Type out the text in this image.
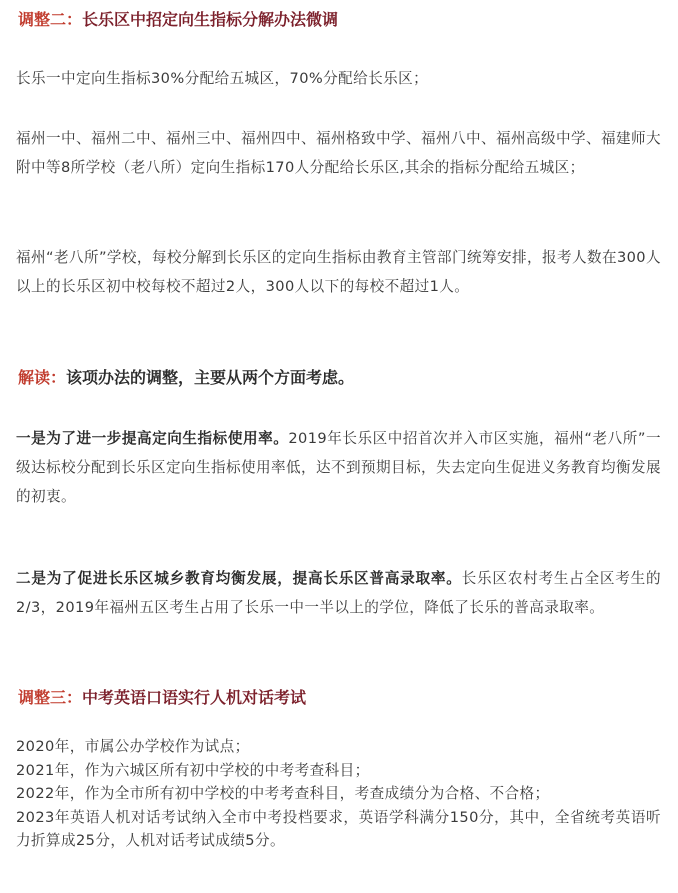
调整二：长乐区中招定向生指标分解办法微调
长乐一中定向生指标30%分配给五城区，70%分配给长乐区；
福州一中、福州二中、福州三中、福州四中、福州格致中学、福州八中、福州高级中学、福建师大附中等8所学校（老八所）定向生指标170人分配给长乐区,其余的指标分配给五城区；
福州“老八所”学校，每校分解到长乐区的定向生指标由教育主管部门统筹安排，报考人数在300人以上的长乐区初中校每校不超过2人，300人以下的每校不超过1人。
解读：该项办法的调整，主要从两个方面考虑。
一是为了进一步提高定向生指标使用率。2019年长乐区中招首次并入市区实施，福州“老八所”一级达标校分配到长乐区定向生指标使用率低，达不到预期目标，失去定向生促进义务教育均衡发展的初衷。
二是为了促进长乐区城乡教育均衡发展，提高长乐区普高录取率。长乐区农村考生占全区考生的2/3，2019年福州五区考生占用了长乐一中一半以上的学位，降低了长乐的普高录取率。
调整三：中考英语口语实行人机对话考试
2020年，市属公办学校作为试点；
2021年，作为六城区所有初中学校的中考考查科目；
2022年，作为全市所有初中学校的中考考查科目，考查成绩分为合格、不合格；
2023年英语人机对话考试纳入全市中考投档要求，英语学科满分150分，其中，全省统考英语听力折算成25分，人机对话考试成绩5分。
